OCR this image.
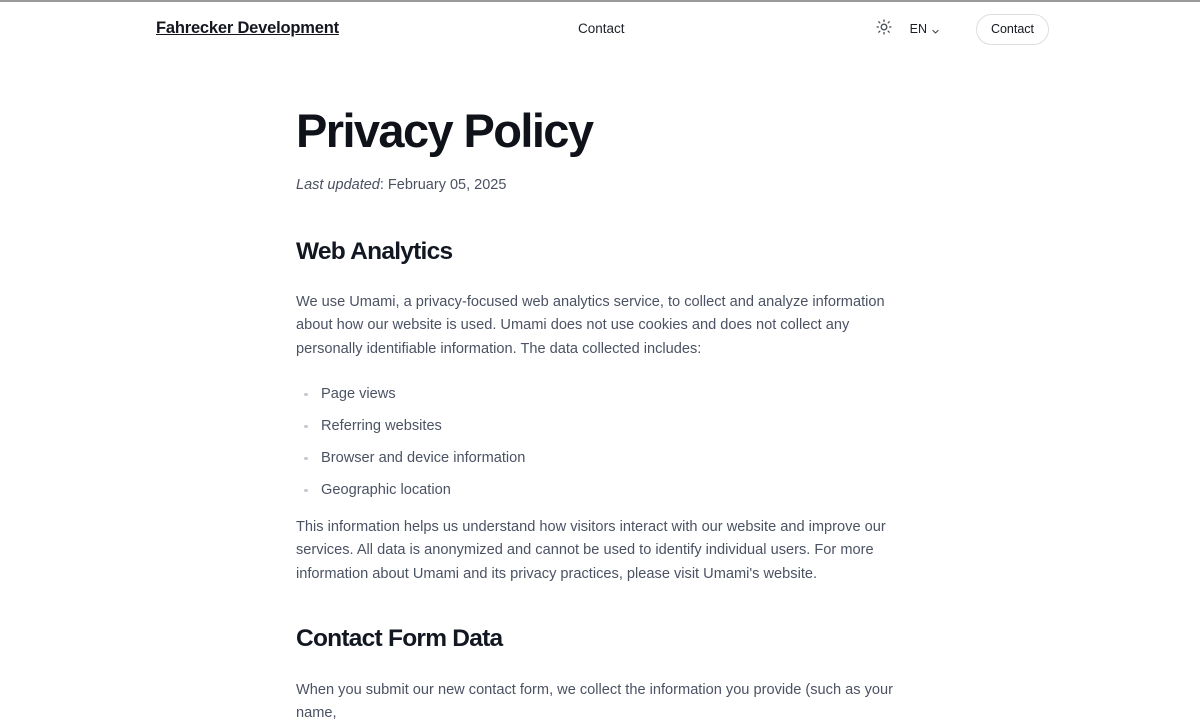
Fahrecker Development	Contact	EN	Contact
Privacy Policy
Last updated: February 05, 2025
Web Analytics

We use Umami, a privacy-focused web analytics service, to collect and analyze information about how our website is used. Umami does not use cookies and does not collect any personally identifiable information. The data collected includes:

Page views
Referring websites
Browser and device information
Geographic location

This information helps us understand how visitors interact with our website and improve our services. All data is anonymized and cannot be used to identify individual users. For more information about Umami and its privacy practices, please visit Umami's website.

Contact Form Data

When you submit our new contact form, we collect the information you provide (such as your name,
